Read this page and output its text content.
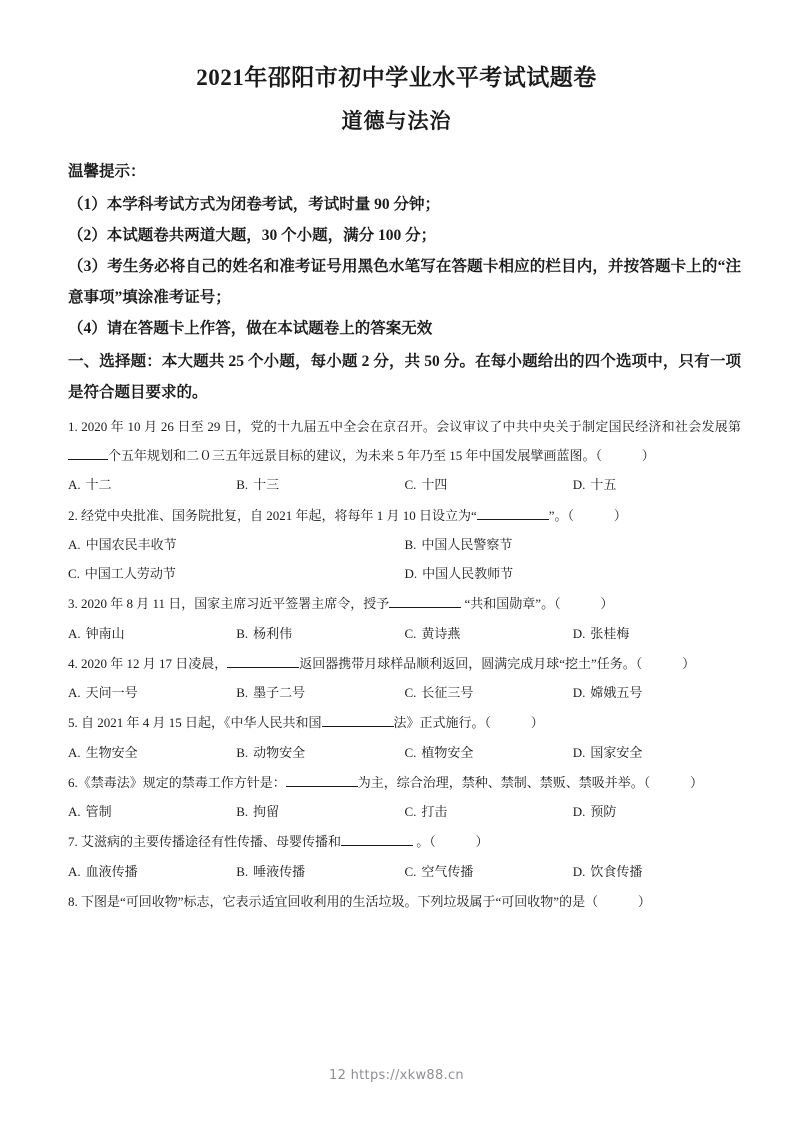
2021年邵阳市初中学业水平考试试题卷
道德与法治

温馨提示：

（1）本学科考试方式为闭卷考试，考试时量 90 分钟；

（2）本试题卷共两道大题，30 个小题，满分 100 分；

（3）考生务必将自己的姓名和准考证号用黑色水笔写在答题卡相应的栏目内，并按答题卡上的“注意事项”填涂准考证号；

（4）请在答题卡上作答，做在本试题卷上的答案无效

一、选择题：本大题共 25 个小题，每小题 2 分，共 50 分。在每小题给出的四个选项中，只有一项是符合题目要求的。

1. 2020 年 10 月 26 日至 29 日，党的十九届五中全会在京召开。会议审议了中共中央关于制定国民经济和社会发展第个五年规划和二０三五年远景目标的建议，为未来 5 年乃至 15 年中国发展擘画蓝图。（	）

A. 十二	B. 十三	C. 十四	D. 十五

2. 经党中央批准、国务院批复，自 2021 年起，将每年 1 月 10 日设立为“	”。（	）

A. 中国农民丰收节	B. 中国人民警察节
C. 中国工人劳动节	D. 中国人民教师节

3. 2020 年 8 月 11 日，国家主席习近平签署主席令，授予	“共和国勋章”。（	）

A. 钟南山	B. 杨利伟	C. 黄诗燕	D. 张桂梅

4. 2020 年 12 月 17 日凌晨，	返回器携带月球样品顺利返回，圆满完成月球“挖土”任务。（	）

A. 天问一号	B. 墨子二号	C. 长征三号	D. 嫦娥五号

5. 自 2021 年 4 月 15 日起，《中华人民共和国	法》正式施行。（	）

A. 生物安全	B. 动物安全	C. 植物安全	D. 国家安全

6.《禁毒法》规定的禁毒工作方针是：	为主，综合治理，禁种、禁制、禁贩、禁吸并举。（	）

A. 管制	B. 拘留	C. 打击	D. 预防

7. 艾滋病的主要传播途径有性传播、母婴传播和	。（	）

A. 血液传播	B. 唾液传播	C. 空气传播	D. 饮食传播

8. 下图是“可回收物”标志，它表示适宜回收利用的生活垃圾。下列垃圾属于“可回收物”的是（	）

12 https://xkw88.cn
